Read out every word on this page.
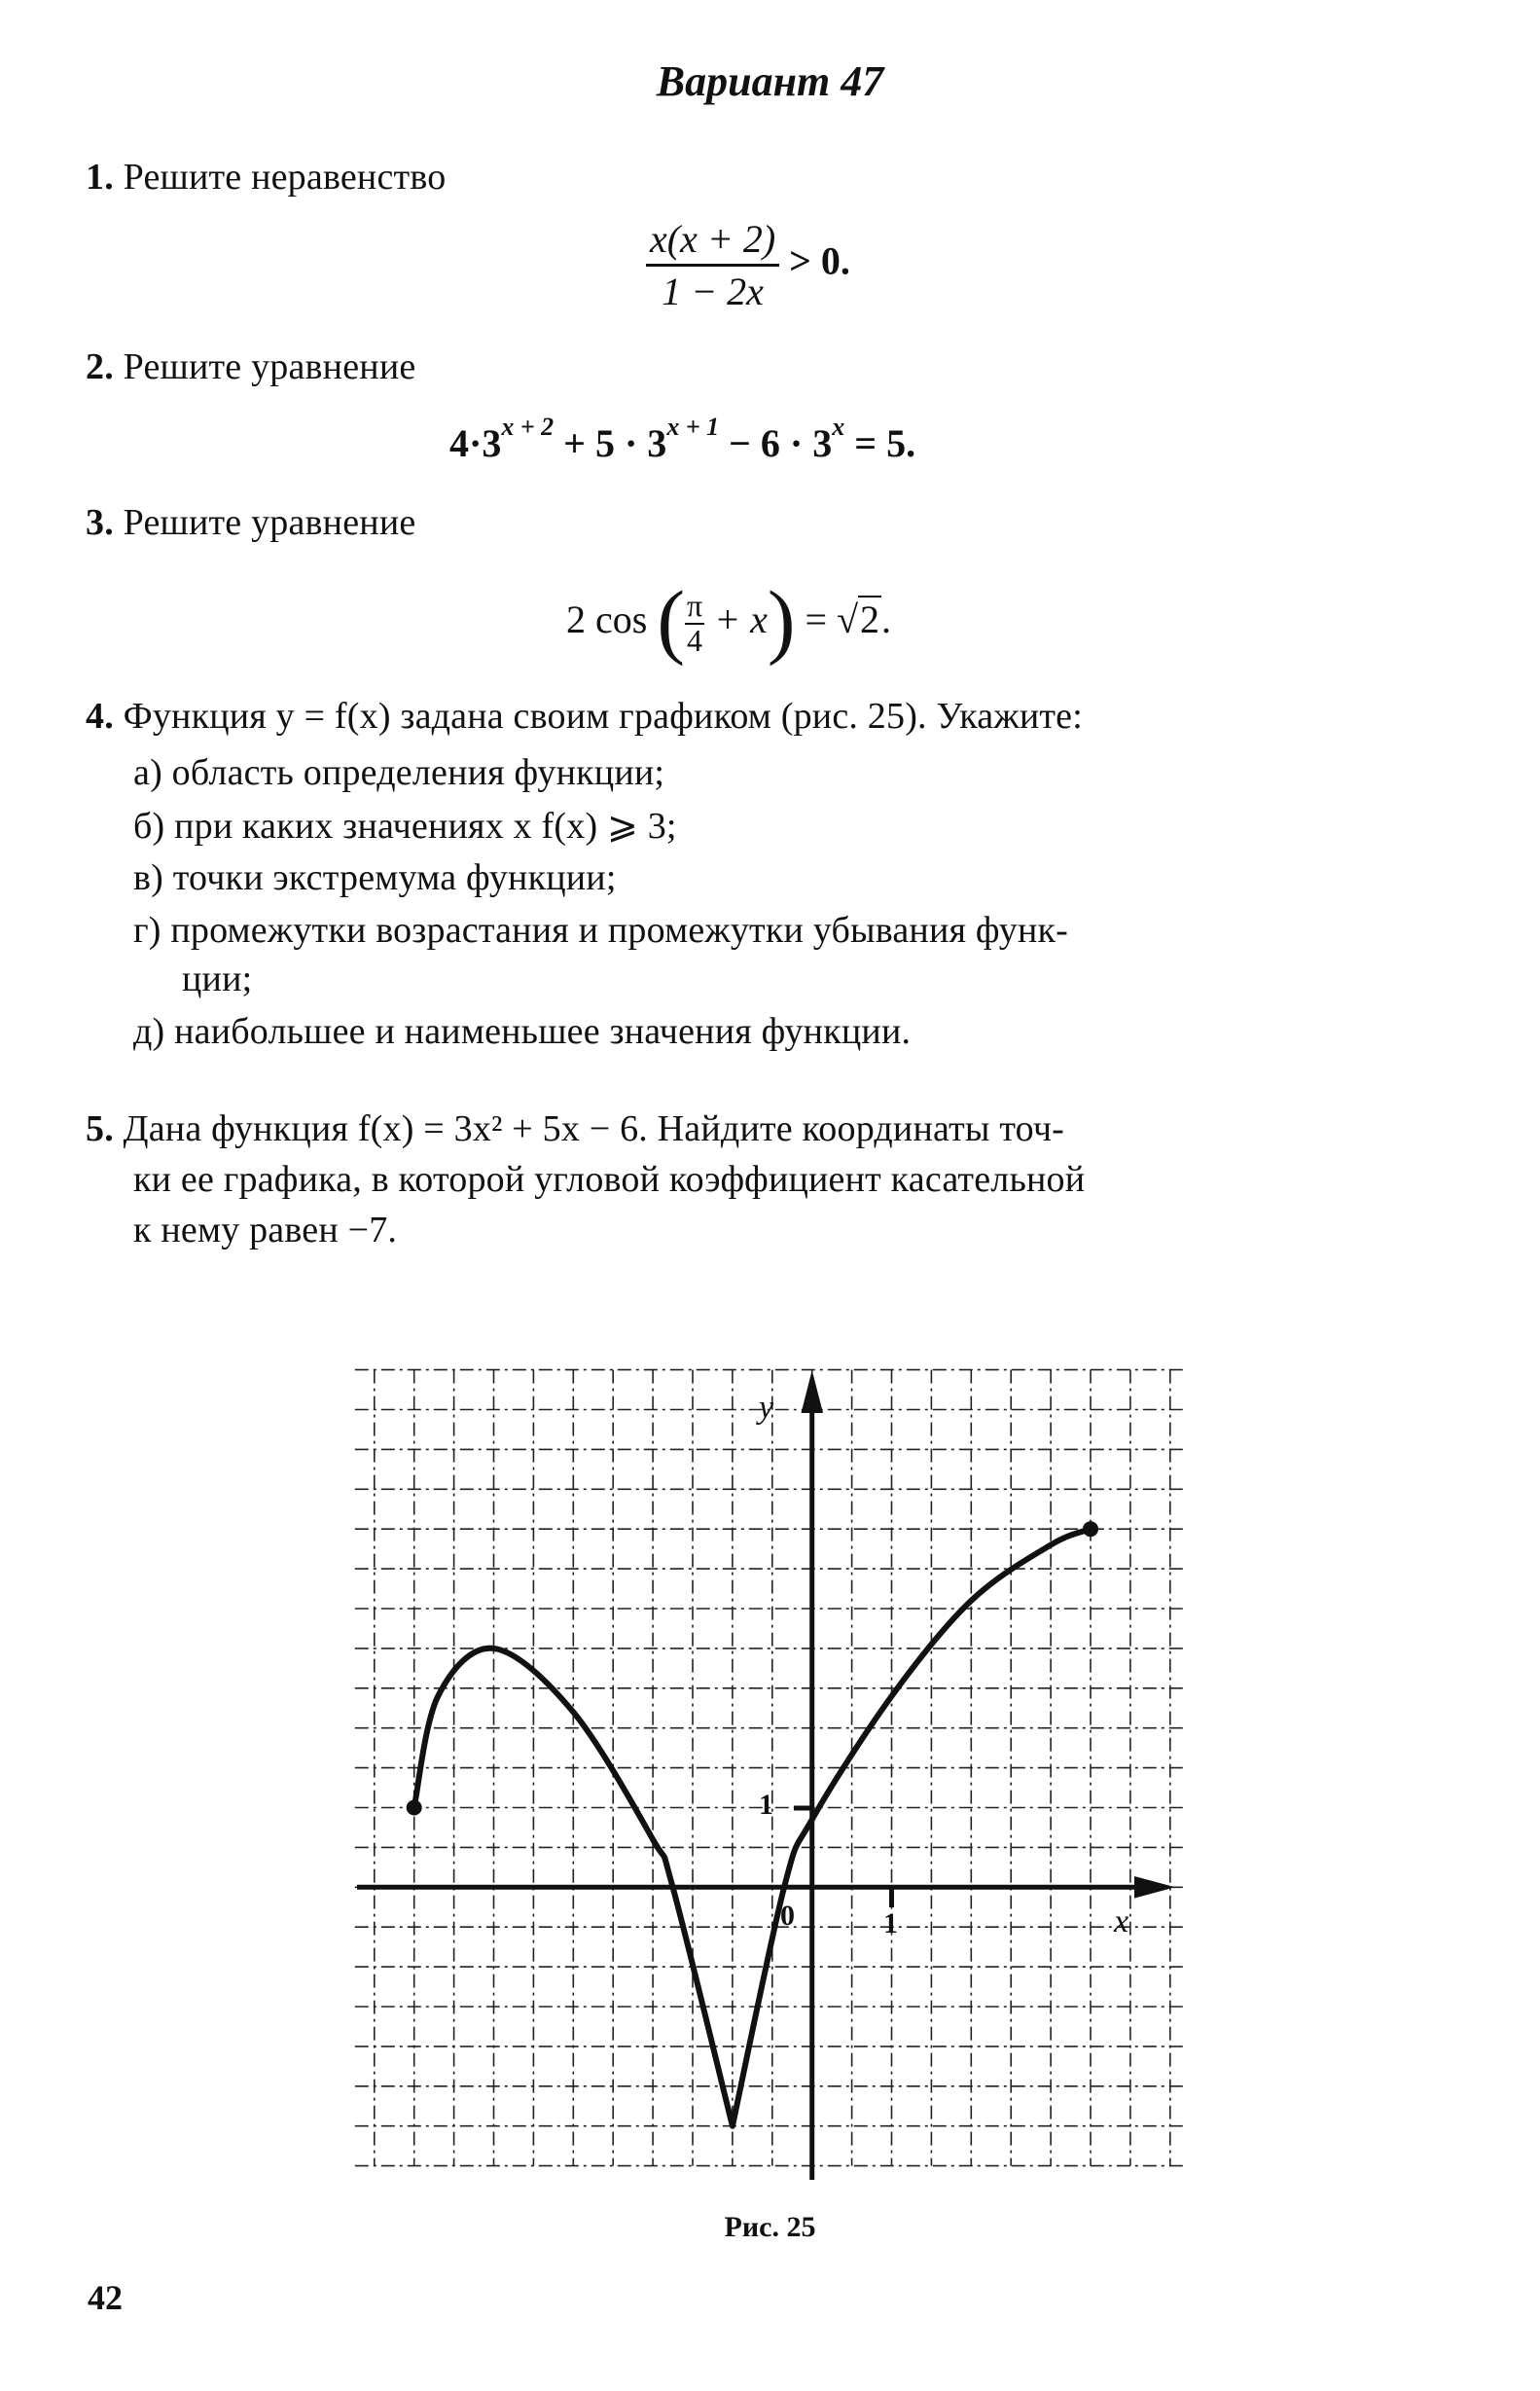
Вариант 47
1. Решите неравенство
$\frac{x(x + 2)}{1 - 2x} > 0$.
2. Решите уравнение
$4\cdot 3^{x + 2} + 5 \cdot 3^{x + 1} - 6 \cdot 3^x = 5$.
3. Решите уравнение
2 cos ( $\frac{\pi}{4} + x) = √2$.
4. Функция y = f(x) задана своим графиком (рис. 25). Укажите:
а) область определения функции;
б) при каких значениях x f(x) ⩾ 3;
в) точки экстремума функции;
г) промежутки возрастания и промежутки убывания функ-
ции;
д) наибольшее и наименьшее значения функции.
5. Дана функция f(x) = 3x² + 5x − 6. Найдите координаты точ-
ки ее графика, в которой угловой коэффициент касательной
к нему равен −7.
y
x
0	1
1
Рис. 25
42
